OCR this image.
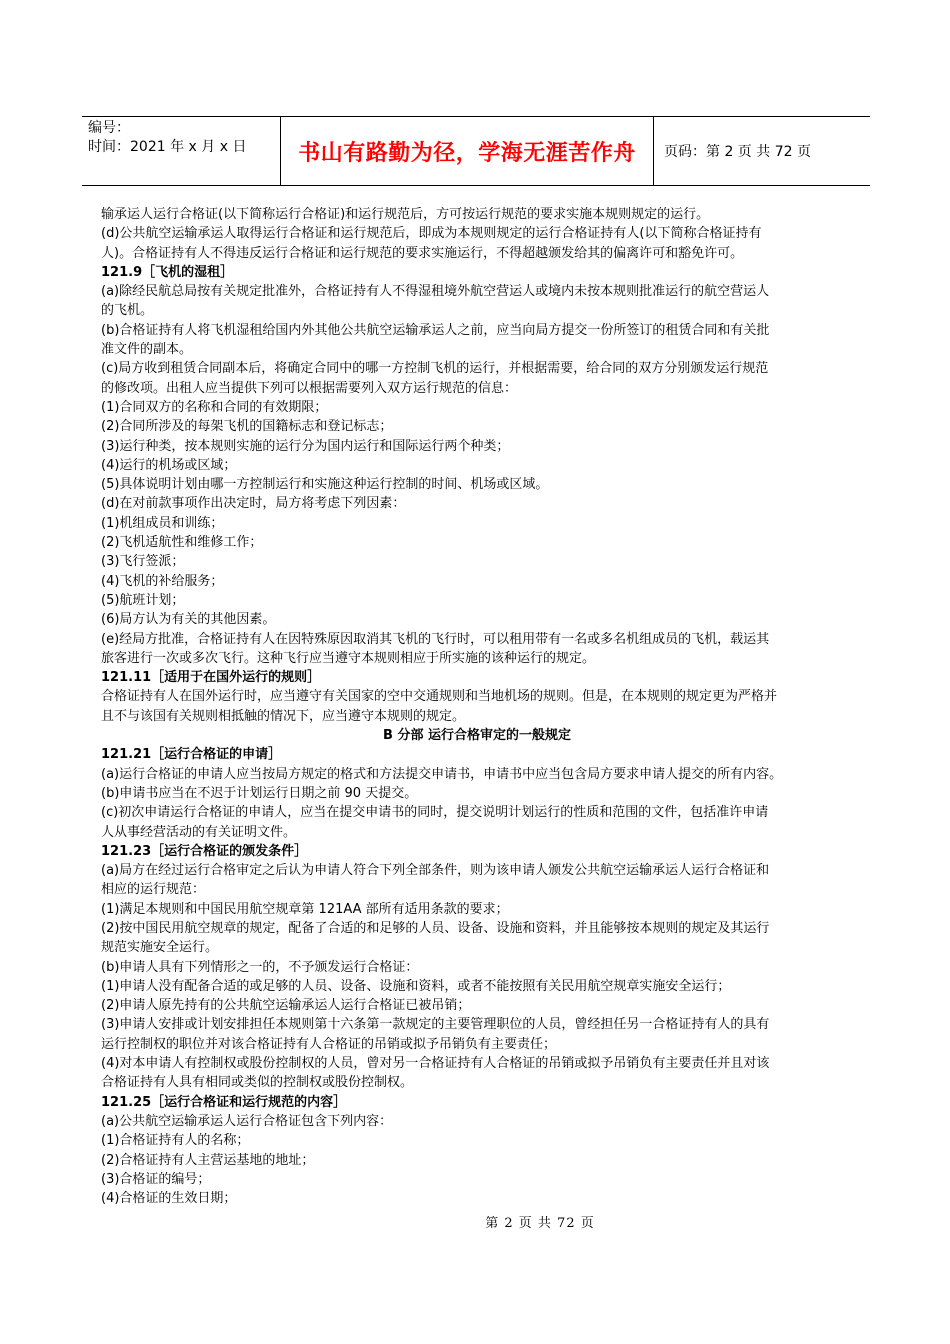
编号：
时间：2021 年 x 月 x 日	书山有路勤为径，学海无涯苦作舟	页码：第 2 页 共 72 页
输承运人运行合格证(以下简称运行合格证)和运行规范后，方可按运行规范的要求实施本规则规定的运行。
(d)公共航空运输承运人取得运行合格证和运行规范后，即成为本规则规定的运行合格证持有人(以下简称合格证持有
人)。合格证持有人不得违反运行合格证和运行规范的要求实施运行，不得超越颁发给其的偏离许可和豁免许可。
121.9［飞机的湿租］
(a)除经民航总局按有关规定批准外，合格证持有人不得湿租境外航空营运人或境内未按本规则批准运行的航空营运人
的飞机。
(b)合格证持有人将飞机湿租给国内外其他公共航空运输承运人之前，应当向局方提交一份所签订的租赁合同和有关批
准文件的副本。
(c)局方收到租赁合同副本后，将确定合同中的哪一方控制飞机的运行，并根据需要，给合同的双方分别颁发运行规范
的修改项。出租人应当提供下列可以根据需要列入双方运行规范的信息：
(1)合同双方的名称和合同的有效期限；
(2)合同所涉及的每架飞机的国籍标志和登记标志；
(3)运行种类，按本规则实施的运行分为国内运行和国际运行两个种类；
(4)运行的机场或区域；
(5)具体说明计划由哪一方控制运行和实施这种运行控制的时间、机场或区域。
(d)在对前款事项作出决定时，局方将考虑下列因素：
(1)机组成员和训练；
(2)飞机适航性和维修工作；
(3)飞行签派；
(4)飞机的补给服务；
(5)航班计划；
(6)局方认为有关的其他因素。
(e)经局方批准，合格证持有人在因特殊原因取消其飞机的飞行时，可以租用带有一名或多名机组成员的飞机，载运其
旅客进行一次或多次飞行。这种飞行应当遵守本规则相应于所实施的该种运行的规定。
121.11［适用于在国外运行的规则］
合格证持有人在国外运行时，应当遵守有关国家的空中交通规则和当地机场的规则。但是，在本规则的规定更为严格并
且不与该国有关规则相抵触的情况下，应当遵守本规则的规定。
B 分部 运行合格审定的一般规定
121.21［运行合格证的申请］
(a)运行合格证的申请人应当按局方规定的格式和方法提交申请书，申请书中应当包含局方要求申请人提交的所有内容。
(b)申请书应当在不迟于计划运行日期之前 90 天提交。
(c)初次申请运行合格证的申请人，应当在提交申请书的同时，提交说明计划运行的性质和范围的文件，包括准许申请
人从事经营活动的有关证明文件。
121.23［运行合格证的颁发条件］
(a)局方在经过运行合格审定之后认为申请人符合下列全部条件，则为该申请人颁发公共航空运输承运人运行合格证和
相应的运行规范：
(1)满足本规则和中国民用航空规章第 121AA 部所有适用条款的要求；
(2)按中国民用航空规章的规定，配备了合适的和足够的人员、设备、设施和资料，并且能够按本规则的规定及其运行
规范实施安全运行。
(b)申请人具有下列情形之一的，不予颁发运行合格证：
(1)申请人没有配备合适的或足够的人员、设备、设施和资料，或者不能按照有关民用航空规章实施安全运行；
(2)申请人原先持有的公共航空运输承运人运行合格证已被吊销；
(3)申请人安排或计划安排担任本规则第十六条第一款规定的主要管理职位的人员，曾经担任另一合格证持有人的具有
运行控制权的职位并对该合格证持有人合格证的吊销或拟予吊销负有主要责任；
(4)对本申请人有控制权或股份控制权的人员，曾对另一合格证持有人合格证的吊销或拟予吊销负有主要责任并且对该
合格证持有人具有相同或类似的控制权或股份控制权。
121.25［运行合格证和运行规范的内容］
(a)公共航空运输承运人运行合格证包含下列内容：
(1)合格证持有人的名称；
(2)合格证持有人主营运基地的地址；
(3)合格证的编号；
(4)合格证的生效日期；
第 2 页 共 72 页
